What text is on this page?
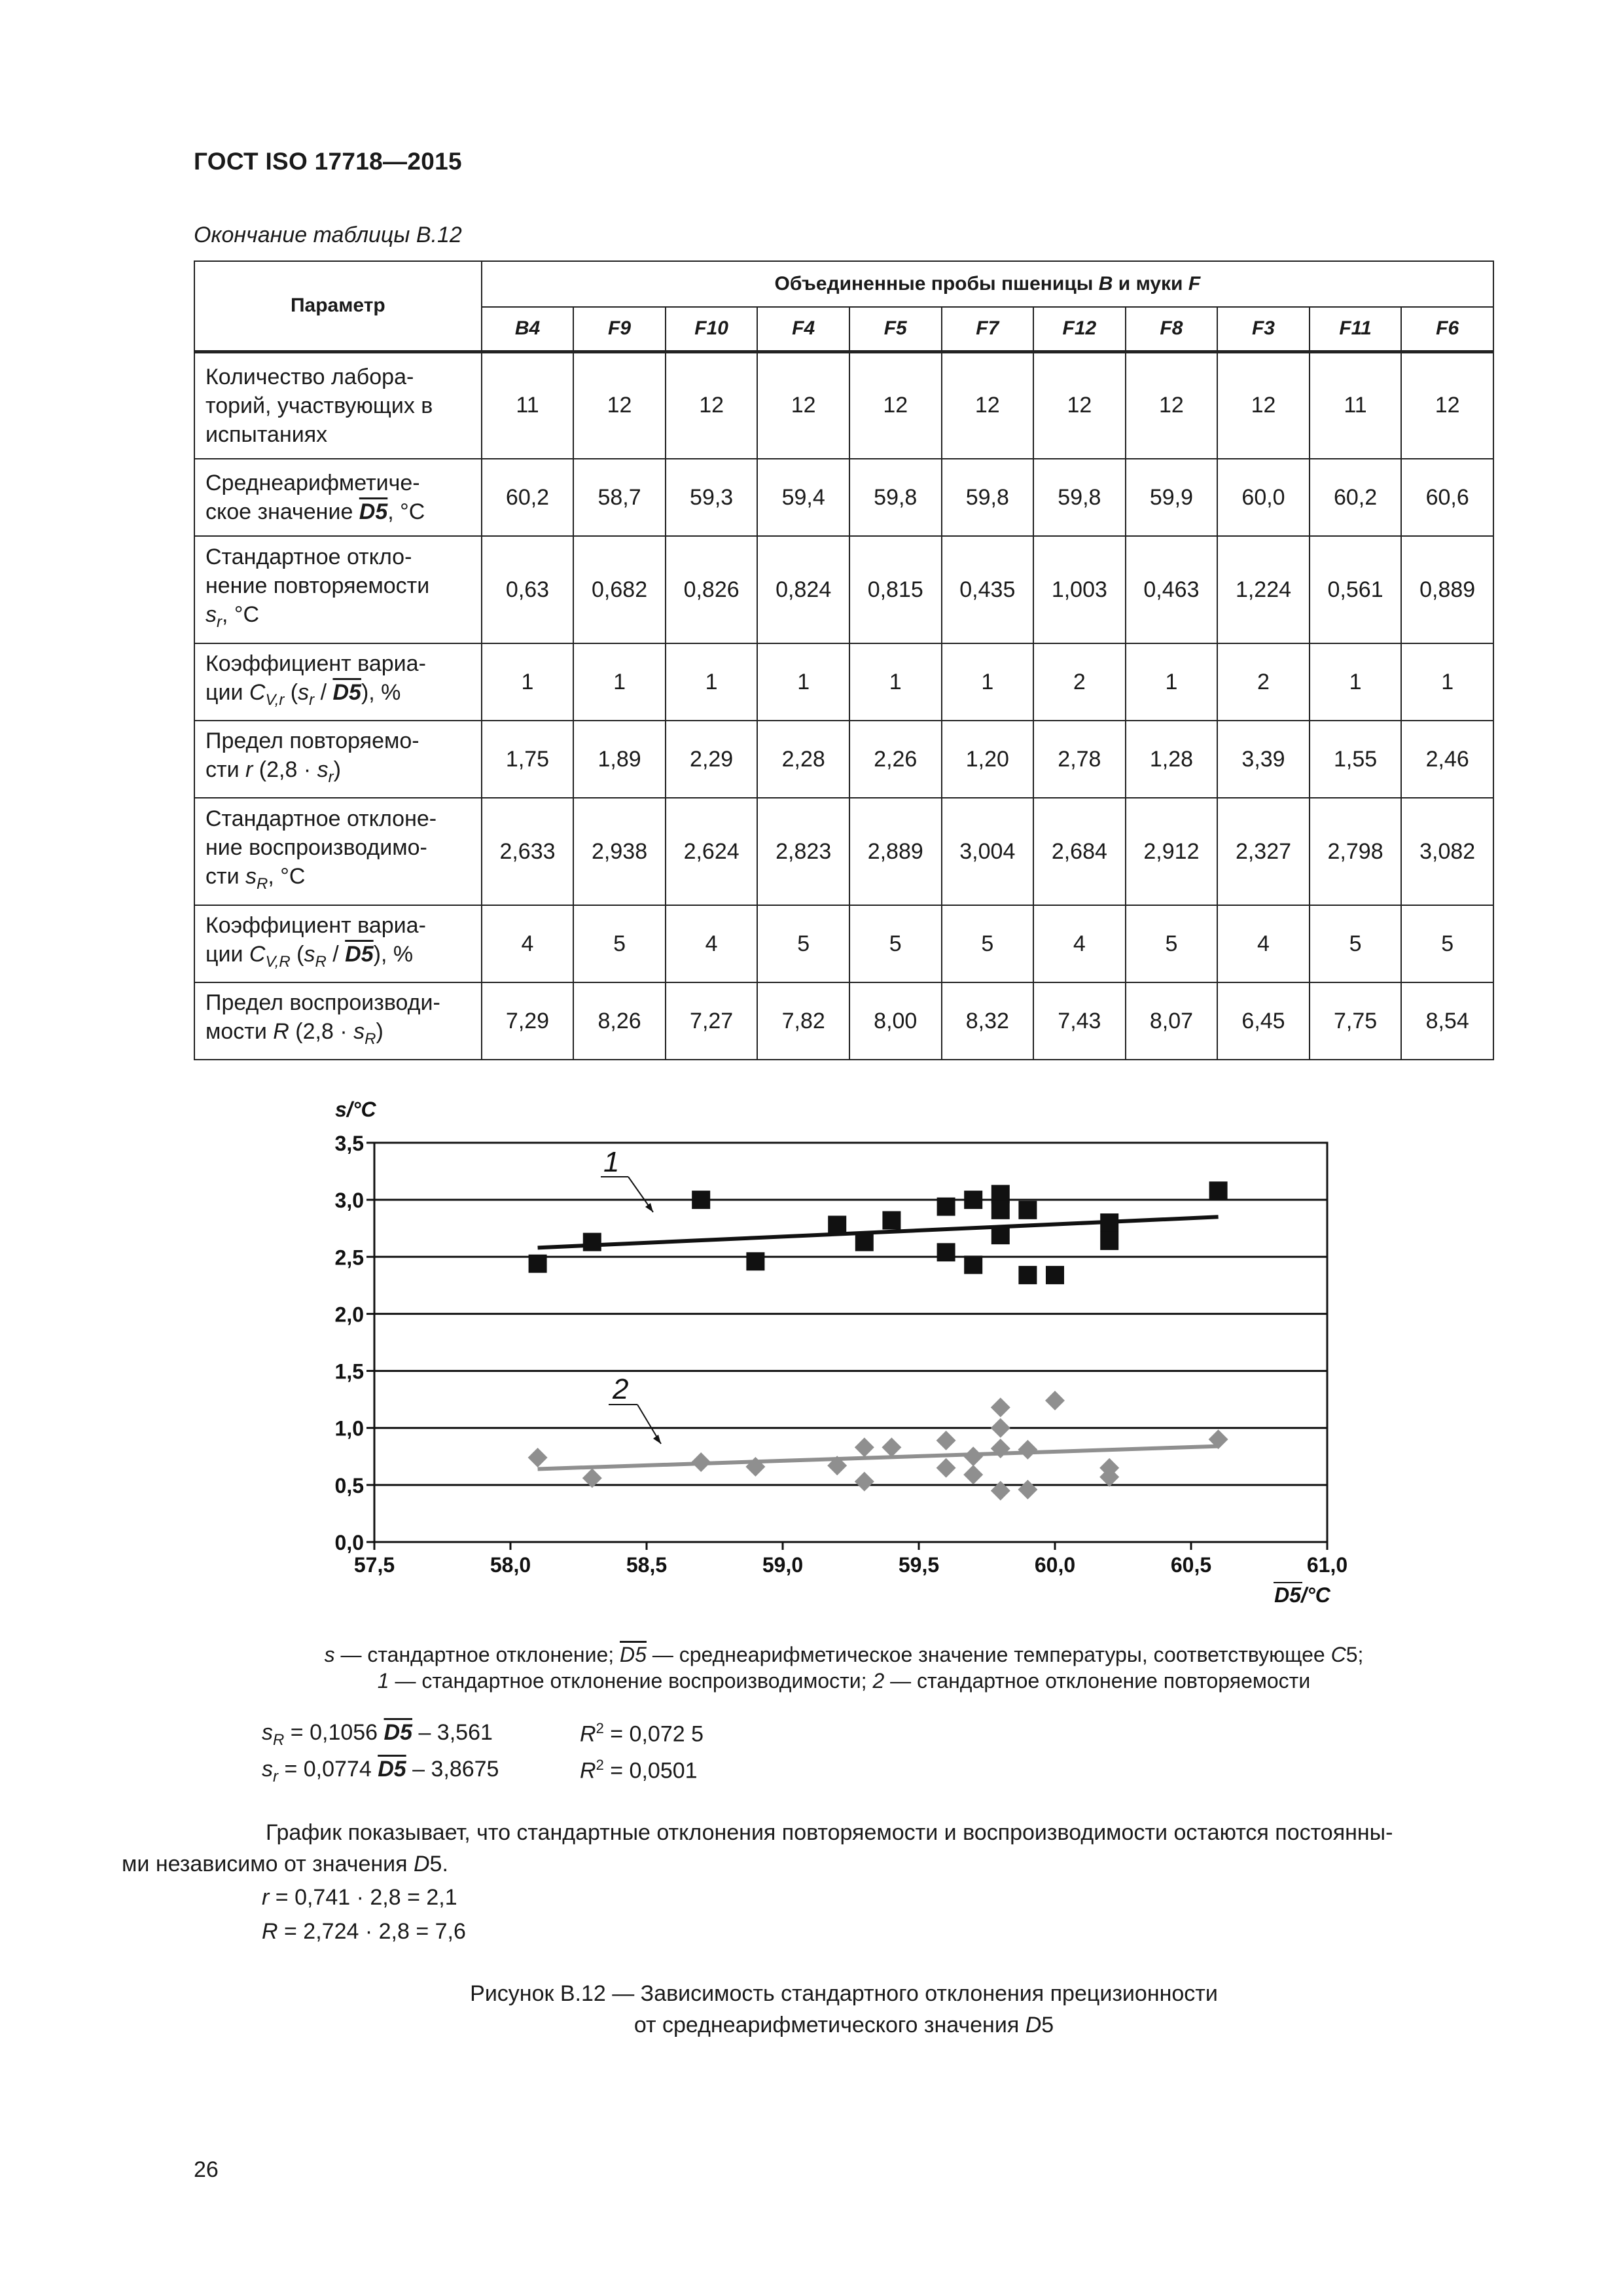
ГОСТ ISO 17718—2015
Окончание таблицы В.12
Параметр	Объединенные пробы пшеницы B и муки F										
	B4	F9	F10	F4	F5	F7	F12	F8	F3	F11	F6
Количество лабора-
торий, участвующих в
испытаниях	11	12	12	12	12	12	12	12	12	11	12
Среднеарифметиче-
ское значение D5, °C	60,2	58,7	59,3	59,4	59,8	59,8	59,8	59,9	60,0	60,2	60,6
Стандартное откло-
нение повторяемости
$s_r$, °C	0,63	0,682	0,826	0,824	0,815	0,435	1,003	0,463	1,224	0,561	0,889
Коэффициент вариа-
ции $C_{V,r}$ $(s_r / D5)$, %	1	1	1	1	1	1	2	1	2	1	1
Предел повторяемо-
сти r $(2,8 \cdot s_r)$	1,75	1,89	2,29	2,28	2,26	1,20	2,78	1,28	3,39	1,55	2,46
Стандартное отклоне-
ние воспроизводимо-
сти $s_R$, °C	2,633	2,938	2,624	2,823	2,889	3,004	2,684	2,912	2,327	2,798	3,082
Коэффициент вариа-
ции $C_{V,R}$ $(s_R / D5)$, %	4	5	4	5	5	5	4	5	4	5	5
Предел воспроизводи-
мости R $(2,8 \cdot s_R)$	7,29	8,26	7,27	7,82	8,00	8,32	7,43	8,07	6,45	7,75	8,54
0,0
0,5
1,0
1,5
2,0
2,5
3,0
3,5
57,5	58,0	58,5	59,0	59,5	60,0	60,5	61,0
s/°C
D5/°C
1
2
s — стандартное отклонение; D5 — среднеарифметическое значение температуры, соответствующее C5;
1 — стандартное отклонение воспроизводимости; 2 — стандартное отклонение повторяемости
$s_R = 0,1056$ D5 – 3,561	$R^2 = 0,072$ 5
$s_r = 0,0774$ D5 – 3,8675	$R^2 = 0,0501$
График показывает, что стандартные отклонения повторяемости и воспроизводимости остаются постоянны-
ми независимо от значения D5.
r = 0,741 · 2,8 = 2,1
R = 2,724 · 2,8 = 7,6
Рисунок В.12 — Зависимость стандартного отклонения прецизионности
от среднеарифметического значения D5
26
